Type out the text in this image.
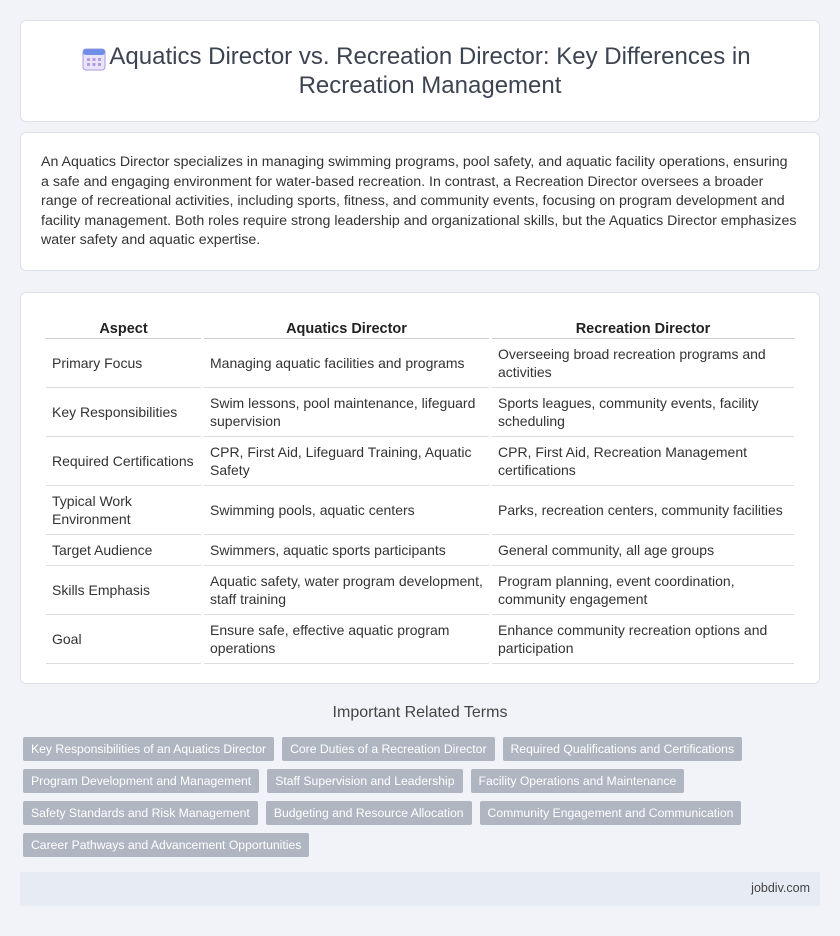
Aquatics Director vs. Recreation Director: Key Differences in Recreation Management

An Aquatics Director specializes in managing swimming programs, pool safety, and aquatic facility operations, ensuring a safe and engaging environment for water-based recreation. In contrast, a Recreation Director oversees a broader range of recreational activities, including sports, fitness, and community events, focusing on program development and facility management. Both roles require strong leadership and organizational skills, but the Aquatics Director emphasizes water safety and aquatic expertise.

Aspect	Aquatics Director	Recreation Director
Primary Focus	Managing aquatic facilities and programs	Overseeing broad recreation programs and activities
Key Responsibilities	Swim lessons, pool maintenance, lifeguard supervision	Sports leagues, community events, facility scheduling
Required Certifications	CPR, First Aid, Lifeguard Training, Aquatic Safety	CPR, First Aid, Recreation Management certifications
Typical Work Environment	Swimming pools, aquatic centers	Parks, recreation centers, community facilities
Target Audience	Swimmers, aquatic sports participants	General community, all age groups
Skills Emphasis	Aquatic safety, water program development, staff training	Program planning, event coordination, community engagement
Goal	Ensure safe, effective aquatic program operations	Enhance community recreation options and participation
Important Related Terms
Key Responsibilities of an Aquatics Director	Core Duties of a Recreation Director	Required Qualifications and Certifications
Program Development and Management	Staff Supervision and Leadership	Facility Operations and Maintenance
Safety Standards and Risk Management	Budgeting and Resource Allocation	Community Engagement and Communication
Career Pathways and Advancement Opportunities
jobdiv.com
